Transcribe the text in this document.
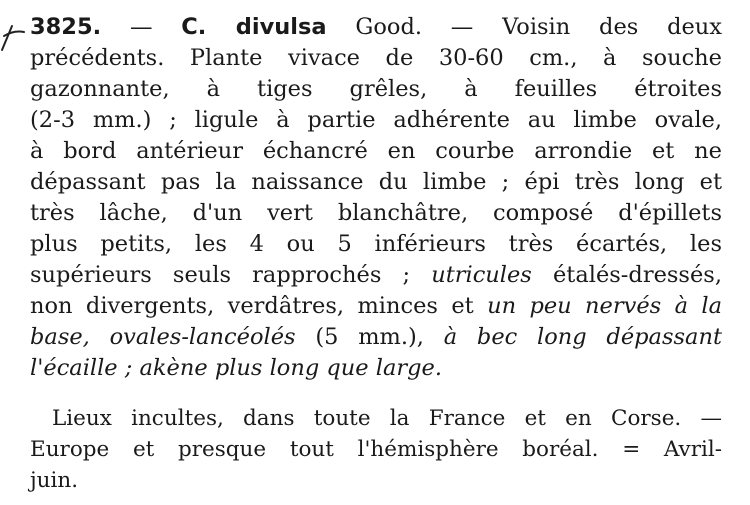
3825. — C. divulsa Good. — Voisin des deux
précédents. Plante vivace de 30-60 cm., à souche
gazonnante, à tiges grêles, à feuilles étroites
(2-3 mm.) ; ligule à partie adhérente au limbe ovale,
à bord antérieur échancré en courbe arrondie et ne
dépassant pas la naissance du limbe ; épi très long et
très lâche, d'un vert blanchâtre, composé d'épillets
plus petits, les 4 ou 5 inférieurs très écartés, les
supérieurs seuls rapprochés ; utricules étalés-dressés,
non divergents, verdâtres, minces et un peu nervés à la
base, ovales-lancéolés (5 mm.), à bec long dépassant
l'écaille ; akène plus long que large.
Lieux incultes, dans toute la France et en Corse. —
Europe et presque tout l'hémisphère boréal. = Avril-
juin.
